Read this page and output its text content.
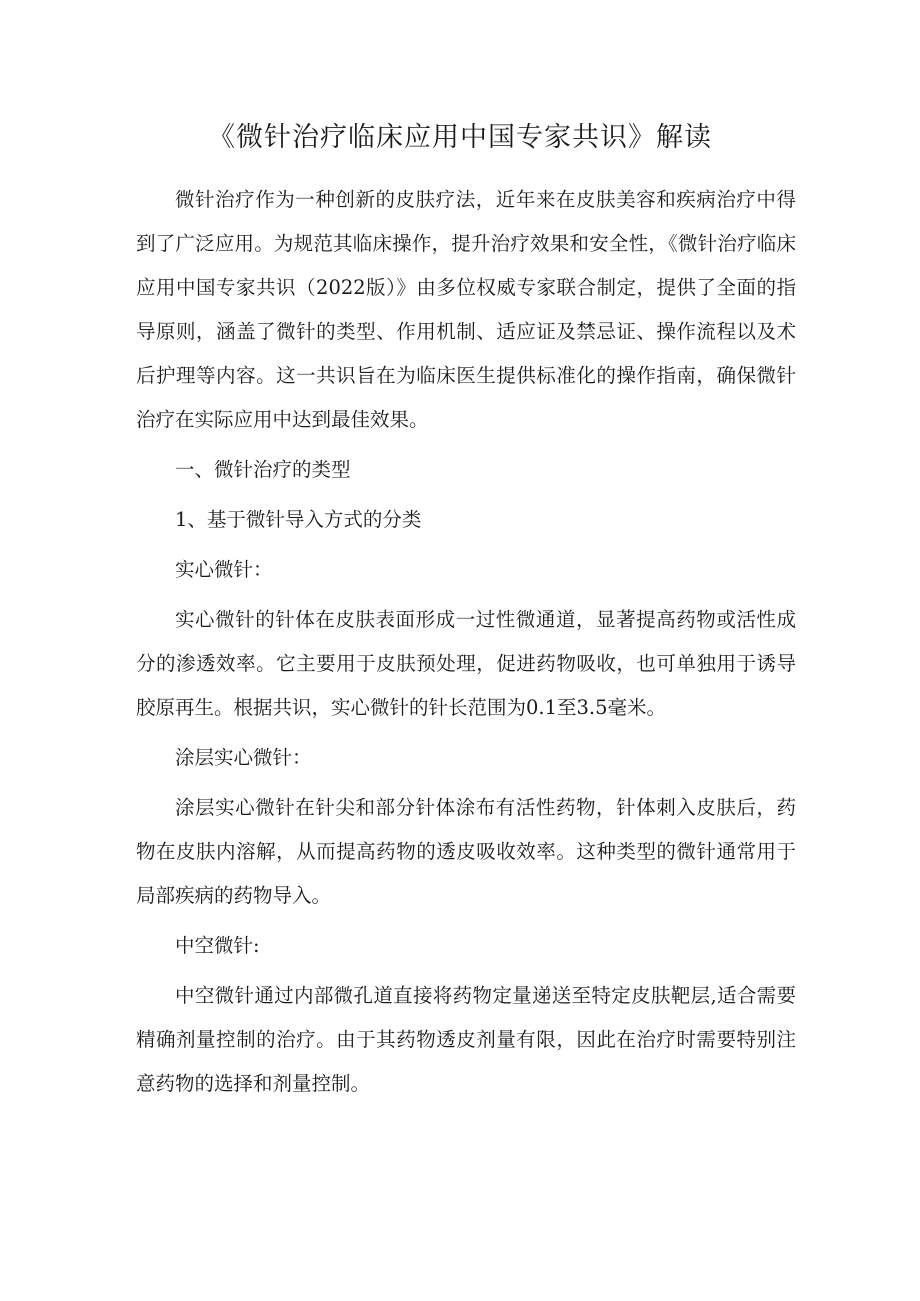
《微针治疗临床应用中国专家共识》解读

微针治疗作为一种创新的皮肤疗法，近年来在皮肤美容和疾病治疗中得到了广泛应用。为规范其临床操作，提升治疗效果和安全性，《微针治疗临床应用中国专家共识（2022版）》由多位权威专家联合制定，提供了全面的指导原则，涵盖了微针的类型、作用机制、适应证及禁忌证、操作流程以及术后护理等内容。这一共识旨在为临床医生提供标准化的操作指南，确保微针治疗在实际应用中达到最佳效果。

一、微针治疗的类型

1、基于微针导入方式的分类

实心微针：

实心微针的针体在皮肤表面形成一过性微通道，显著提高药物或活性成分的渗透效率。它主要用于皮肤预处理，促进药物吸收，也可单独用于诱导胶原再生。根据共识，实心微针的针长范围为0.1至3.5毫米。

涂层实心微针：

涂层实心微针在针尖和部分针体涂布有活性药物，针体刺入皮肤后，药物在皮肤内溶解，从而提高药物的透皮吸收效率。这种类型的微针通常用于局部疾病的药物导入。

中空微针:

中空微针通过内部微孔道直接将药物定量递送至特定皮肤靶层,适合需要精确剂量控制的治疗。由于其药物透皮剂量有限，因此在治疗时需要特别注意药物的选择和剂量控制。
